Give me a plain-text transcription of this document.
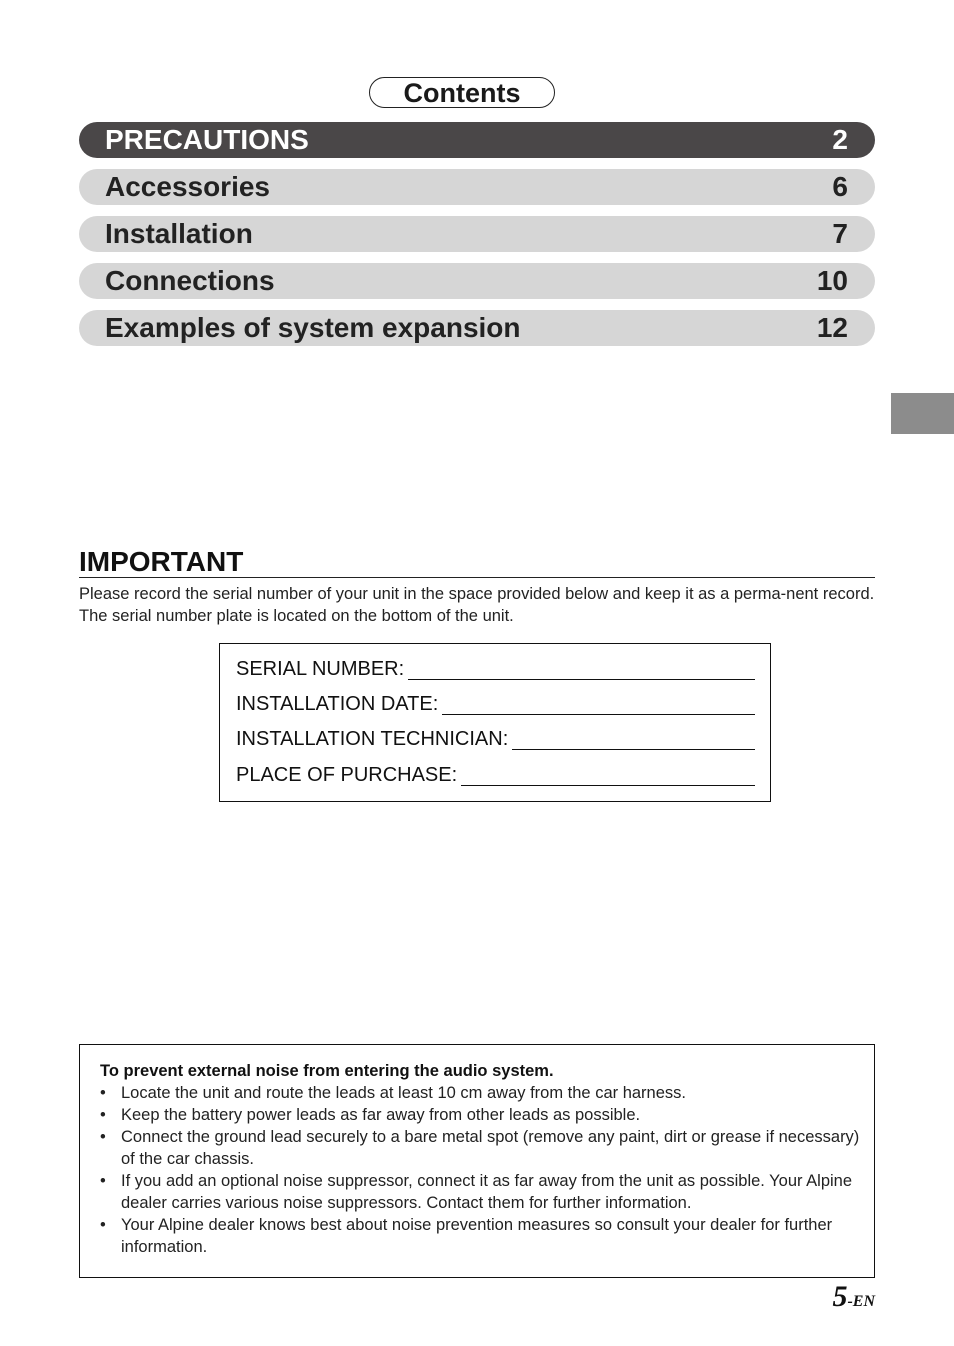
Contents
PRECAUTIONS	2
Accessories	6
Installation	7
Connections	10
Examples of system expansion	12
IMPORTANT
Please record the serial number of your unit in the space provided below and keep it as a perma-nent record. The serial number plate is located on the bottom of the unit.
SERIAL NUMBER:
INSTALLATION DATE:
INSTALLATION TECHNICIAN:
PLACE OF PURCHASE:
To prevent external noise from entering the audio system.
• Locate the unit and route the leads at least 10 cm away from the car harness.
• Keep the battery power leads as far away from other leads as possible.
• Connect the ground lead securely to a bare metal spot (remove any paint, dirt or grease if necessary) of the car chassis.
• If you add an optional noise suppressor, connect it as far away from the unit as possible. Your Alpine dealer carries various noise suppressors. Contact them for further information.
• Your Alpine dealer knows best about noise prevention measures so consult your dealer for further information.
5-EN
